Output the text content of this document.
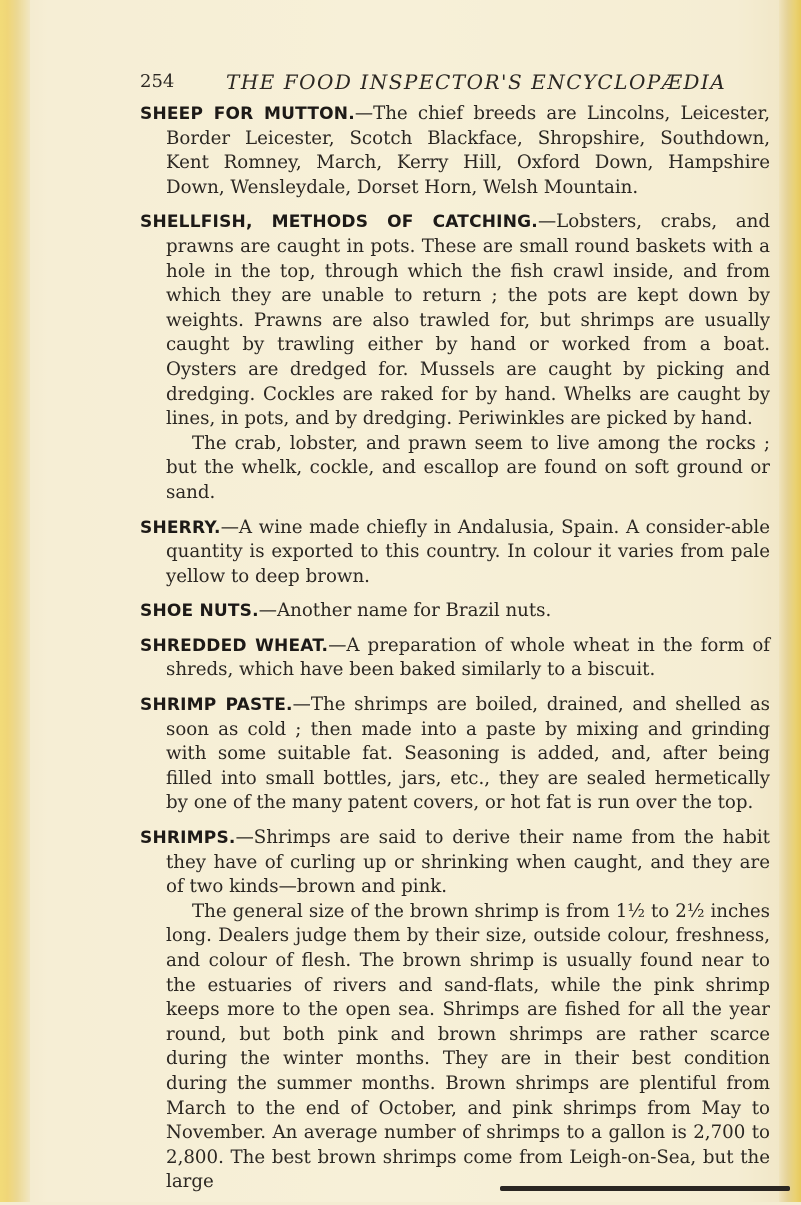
254	THE FOOD INSPECTOR'S ENCYCLOPÆDIA
SHEEP FOR MUTTON.—The chief breeds are Lincolns, Leicester, Border Leicester, Scotch Blackface, Shropshire, Southdown, Kent Romney, March, Kerry Hill, Oxford Down, Hampshire Down, Wensleydale, Dorset Horn, Welsh Mountain.
SHELLFISH, METHODS OF CATCHING.—Lobsters, crabs, and prawns are caught in pots. These are small round baskets with a hole in the top, through which the fish crawl inside, and from which they are unable to return ; the pots are kept down by weights. Prawns are also trawled for, but shrimps are usually caught by trawling either by hand or worked from a boat. Oysters are dredged for. Mussels are caught by picking and dredging. Cockles are raked for by hand. Whelks are caught by lines, in pots, and by dredging. Periwinkles are picked by hand.
The crab, lobster, and prawn seem to live among the rocks ; but the whelk, cockle, and escallop are found on soft ground or sand.
SHERRY.—A wine made chiefly in Andalusia, Spain. A consider-able quantity is exported to this country. In colour it varies from pale yellow to deep brown.
SHOE NUTS.—Another name for Brazil nuts.
SHREDDED WHEAT.—A preparation of whole wheat in the form of shreds, which have been baked similarly to a biscuit.
SHRIMP PASTE.—The shrimps are boiled, drained, and shelled as soon as cold ; then made into a paste by mixing and grinding with some suitable fat. Seasoning is added, and, after being filled into small bottles, jars, etc., they are sealed hermetically by one of the many patent covers, or hot fat is run over the top.
SHRIMPS.—Shrimps are said to derive their name from the habit they have of curling up or shrinking when caught, and they are of two kinds—brown and pink.
The general size of the brown shrimp is from 1½ to 2½ inches long. Dealers judge them by their size, outside colour, freshness, and colour of flesh. The brown shrimp is usually found near to the estuaries of rivers and sand-flats, while the pink shrimp keeps more to the open sea. Shrimps are fished for all the year round, but both pink and brown shrimps are rather scarce during the winter months. They are in their best condition during the summer months. Brown shrimps are plentiful from March to the end of October, and pink shrimps from May to November. An average number of shrimps to a gallon is 2,700 to 2,800. The best brown shrimps come from Leigh-on-Sea, but the large
